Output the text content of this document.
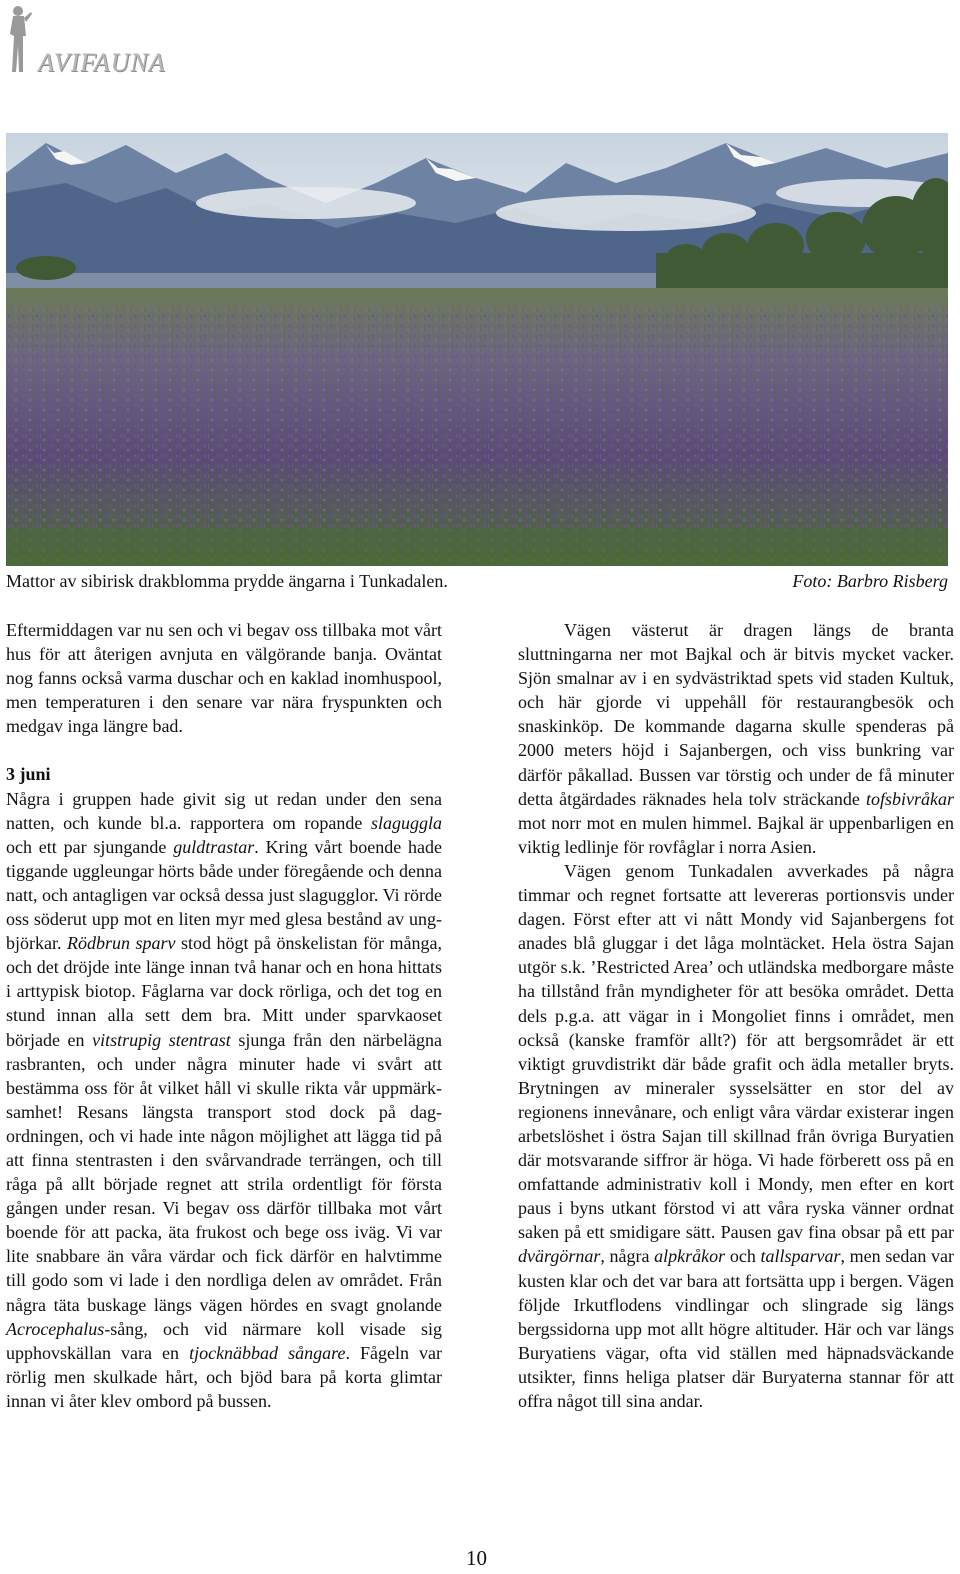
AVIFAUNA
Mattor av sibirisk drakblomma prydde ängarna i Tunkadalen.	Foto: Barbro Risberg

Eftermiddagen var nu sen och vi begav oss tillbaka mot vårt hus för att återigen avnjuta en välgörande banja. Oväntat nog fanns också varma duschar och en kaklad inomhuspool, men temperaturen i den senare var nära fryspunkten och medgav inga längre bad.

3 juni

Några i gruppen hade givit sig ut redan under den sena natten, och kunde bl.a. rapportera om ropande slaguggla och ett par sjungande guldtrastar. Kring vårt boende hade tiggande uggleungar hörts både under föregående och denna natt, och antagligen var också dessa just slagugglor. Vi rörde oss söderut upp mot en liten myr med glesa bestånd av ungbjörkar. Rödbrun sparv stod högt på önskelistan för många, och det dröjde inte länge innan två hanar och en hona hittats i arttypisk biotop. Fåglarna var dock rörliga, och det tog en stund innan alla sett dem bra. Mitt under sparvkaoset började en vitstrupig stentrast sjunga från den närbelägna rasbranten, och under några minuter hade vi svårt att bestämma oss för åt vilket håll vi skulle rikta vår uppmärksamhet! Resans längsta transport stod dock på dagordningen, och vi hade inte någon möjlighet att lägga tid på att finna stentrasten i den svårvandrade terrängen, och till råga på allt började regnet att strila ordentligt för första gången under resan. Vi begav oss därför tillbaka mot vårt boende för att packa, äta frukost och bege oss iväg. Vi var lite snabbare än våra värdar och fick därför en halvtimme till godo som vi lade i den nordliga delen av området. Från några täta buskage längs vägen hördes en svagt gnolande Acrocephalus-sång, och vid närmare koll visade sig upphovskällan vara en tjocknäbbad sångare. Fågeln var rörlig men skulkade hårt, och bjöd bara på korta glimtar innan vi åter klev ombord på bussen.

Vägen västerut är dragen längs de branta sluttningarna ner mot Bajkal och är bitvis mycket vacker. Sjön smalnar av i en sydvästriktad spets vid staden Kultuk, och här gjorde vi uppehåll för restaurangbesök och snaskinköp. De kommande dagarna skulle spenderas på 2000 meters höjd i Sajanbergen, och viss bunkring var därför påkallad. Bussen var törstig och under de få minuter detta åtgärdades räknades hela tolv sträckande tofsbivråkar mot norr mot en mulen himmel. Bajkal är uppenbarligen en viktig ledlinje för rovfåglar i norra Asien.

Vägen genom Tunkadalen avverkades på några timmar och regnet fortsatte att levereras portionsvis under dagen. Först efter att vi nått Mondy vid Sajanbergens fot anades blå gluggar i det låga molntäcket. Hela östra Sajan utgör s.k. ’Restricted Area’ och utländska medborgare måste ha tillstånd från myndigheter för att besöka området. Detta dels p.g.a. att vägar in i Mongoliet finns i området, men också (kanske framför allt?) för att bergsområdet är ett viktigt gruvdistrikt där både grafit och ädla metaller bryts. Brytningen av mineraler sysselsätter en stor del av regionens innevånare, och enligt våra värdar existerar ingen arbetslöshet i östra Sajan till skillnad från övriga Buryatien där motsvarande siffror är höga. Vi hade förberett oss på en omfattande administrativ koll i Mondy, men efter en kort paus i byns utkant förstod vi att våra ryska vänner ordnat saken på ett smidigare sätt. Pausen gav fina obsar på ett par dvärgörnar, några alpkråkor och tallsparvar, men sedan var kusten klar och det var bara att fortsätta upp i bergen. Vägen följde Irkutflodens vindlingar och slingrade sig längs bergssidorna upp mot allt högre altituder. Här och var längs Buryatiens vägar, ofta vid ställen med häpnadsväckande utsikter, finns heliga platser där Buryaterna stannar för att offra något till sina andar.

10
